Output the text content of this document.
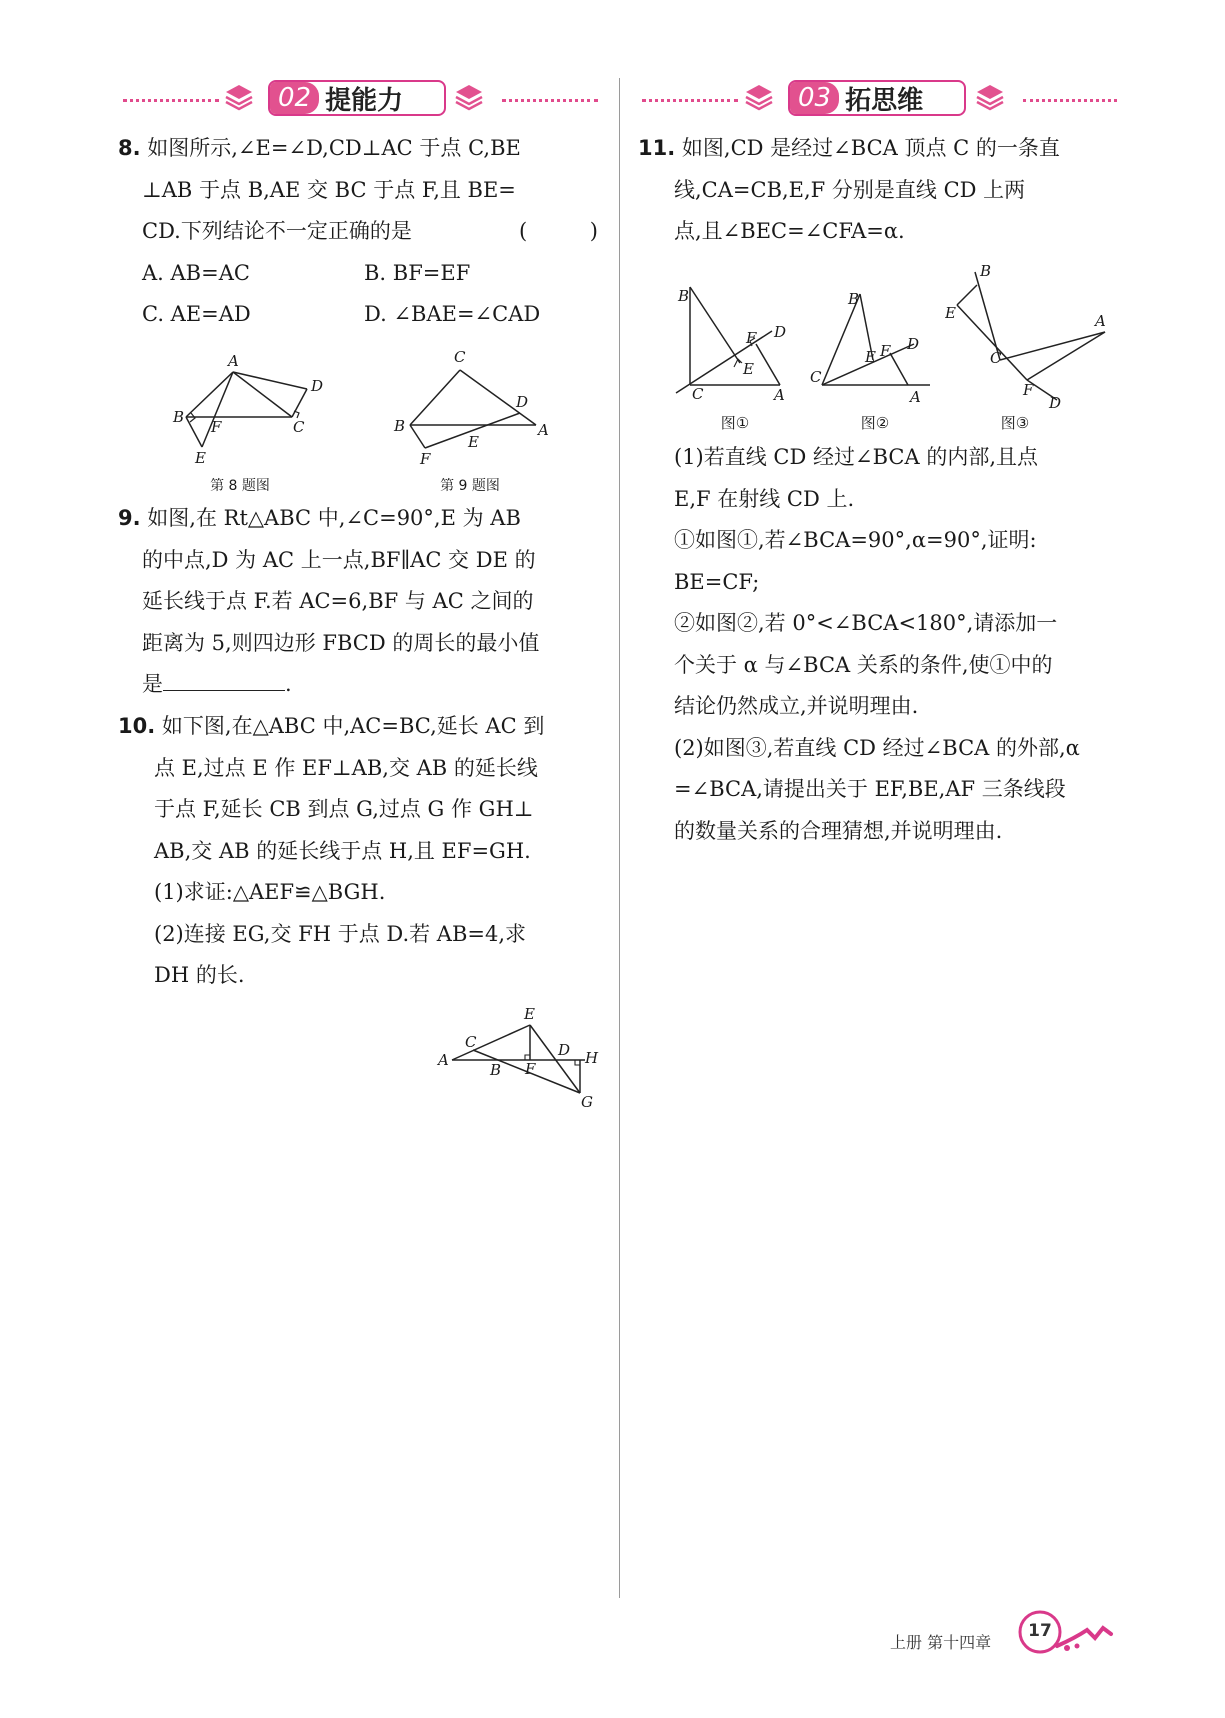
02 提能力	03 拓思维

8. 如图所示,∠E=∠D,CD⊥AC 于点 C,BE

⊥AB 于点 B,AE 交 BC 于点 F,且 BE=

CD.下列结论不一定正确的是	( )

A. AB=AC	B. BF=EF
C. AE=AD	D. ∠BAE=∠CAD
A
B
C
D
E
F
第 8 题图
C
B	A
D
E
F
第 9 题图

9. 如图,在 Rt△ABC 中,∠C=90°,E 为 AB

的中点,D 为 AC 上一点,BF∥AC 交 DE 的

延长线于点 F.若 AC=6,BF 与 AC 之间的

距离为 5,则四边形 FBCD 的周长的最小值

是	.

10. 如下图,在△ABC 中,AC=BC,延长 AC 到

点 E,过点 E 作 EF⊥AB,交 AB 的延长线

于点 F,延长 CB 到点 G,过点 G 作 GH⊥

AB,交 AB 的延长线于点 H,且 EF=GH.

(1)求证:△AEF≌△BGH.

(2)连接 EG,交 FH 于点 D.若 AB=4,求

DH 的长.

A
C
B
E
F
D H
G

11. 如图,CD 是经过∠BCA 顶点 C 的一条直

线,CA=CB,E,F 分别是直线 CD 上两

点,且∠BEC=∠CFA=α.

B
C	A
D
E
F
图①
B
C
A
D
E F
图②
B
E
C
A
F
D
图③

(1)若直线 CD 经过∠BCA 的内部,且点

E,F 在射线 CD 上.

①如图①,若∠BCA=90°,α=90°,证明:

BE=CF;

②如图②,若 0°<∠BCA<180°,请添加一

个关于 α 与∠BCA 关系的条件,使①中的

结论仍然成立,并说明理由.

(2)如图③,若直线 CD 经过∠BCA 的外部,α

=∠BCA,请提出关于 EF,BE,AF 三条线段

的数量关系的合理猜想,并说明理由.

上册 第十四章
17
